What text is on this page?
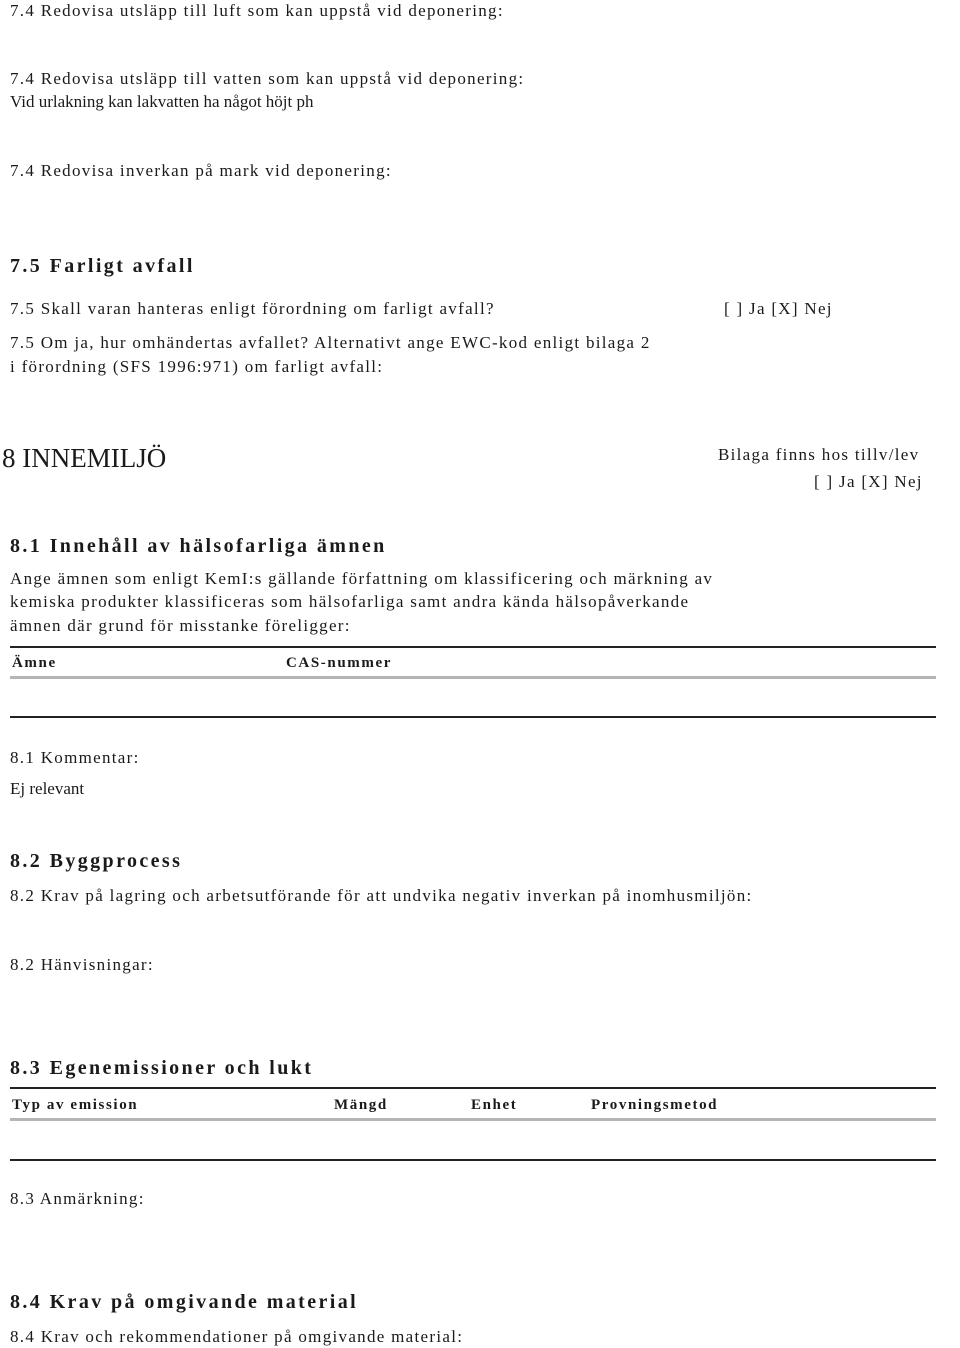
7.4 Redovisa utsläpp till luft som kan uppstå vid deponering:
7.4 Redovisa utsläpp till vatten som kan uppstå vid deponering:
Vid urlakning kan lakvatten ha något höjt ph
7.4 Redovisa inverkan på mark vid deponering:
7.5 Farligt avfall
7.5 Skall varan hanteras enligt förordning om farligt avfall?	[ ] Ja [X] Nej
7.5 Om ja, hur omhändertas avfallet? Alternativt ange EWC-kod enligt bilaga 2
i förordning (SFS 1996:971) om farligt avfall:
8 INNEMILJÖ	Bilaga finns hos tillv/lev
[ ] Ja [X] Nej
8.1 Innehåll av hälsofarliga ämnen
Ange ämnen som enligt KemI:s gällande författning om klassificering och märkning av
kemiska produkter klassificeras som hälsofarliga samt andra kända hälsopåverkande
ämnen där grund för misstanke föreligger:
Ämne	CAS-nummer
8.1 Kommentar:
Ej relevant
8.2 Byggprocess
8.2 Krav på lagring och arbetsutförande för att undvika negativ inverkan på inomhusmiljön:
8.2 Hänvisningar:
8.3 Egenemissioner och lukt
Typ av emission	Mängd	Enhet	Provningsmetod
8.3 Anmärkning:
8.4 Krav på omgivande material
8.4 Krav och rekommendationer på omgivande material:
